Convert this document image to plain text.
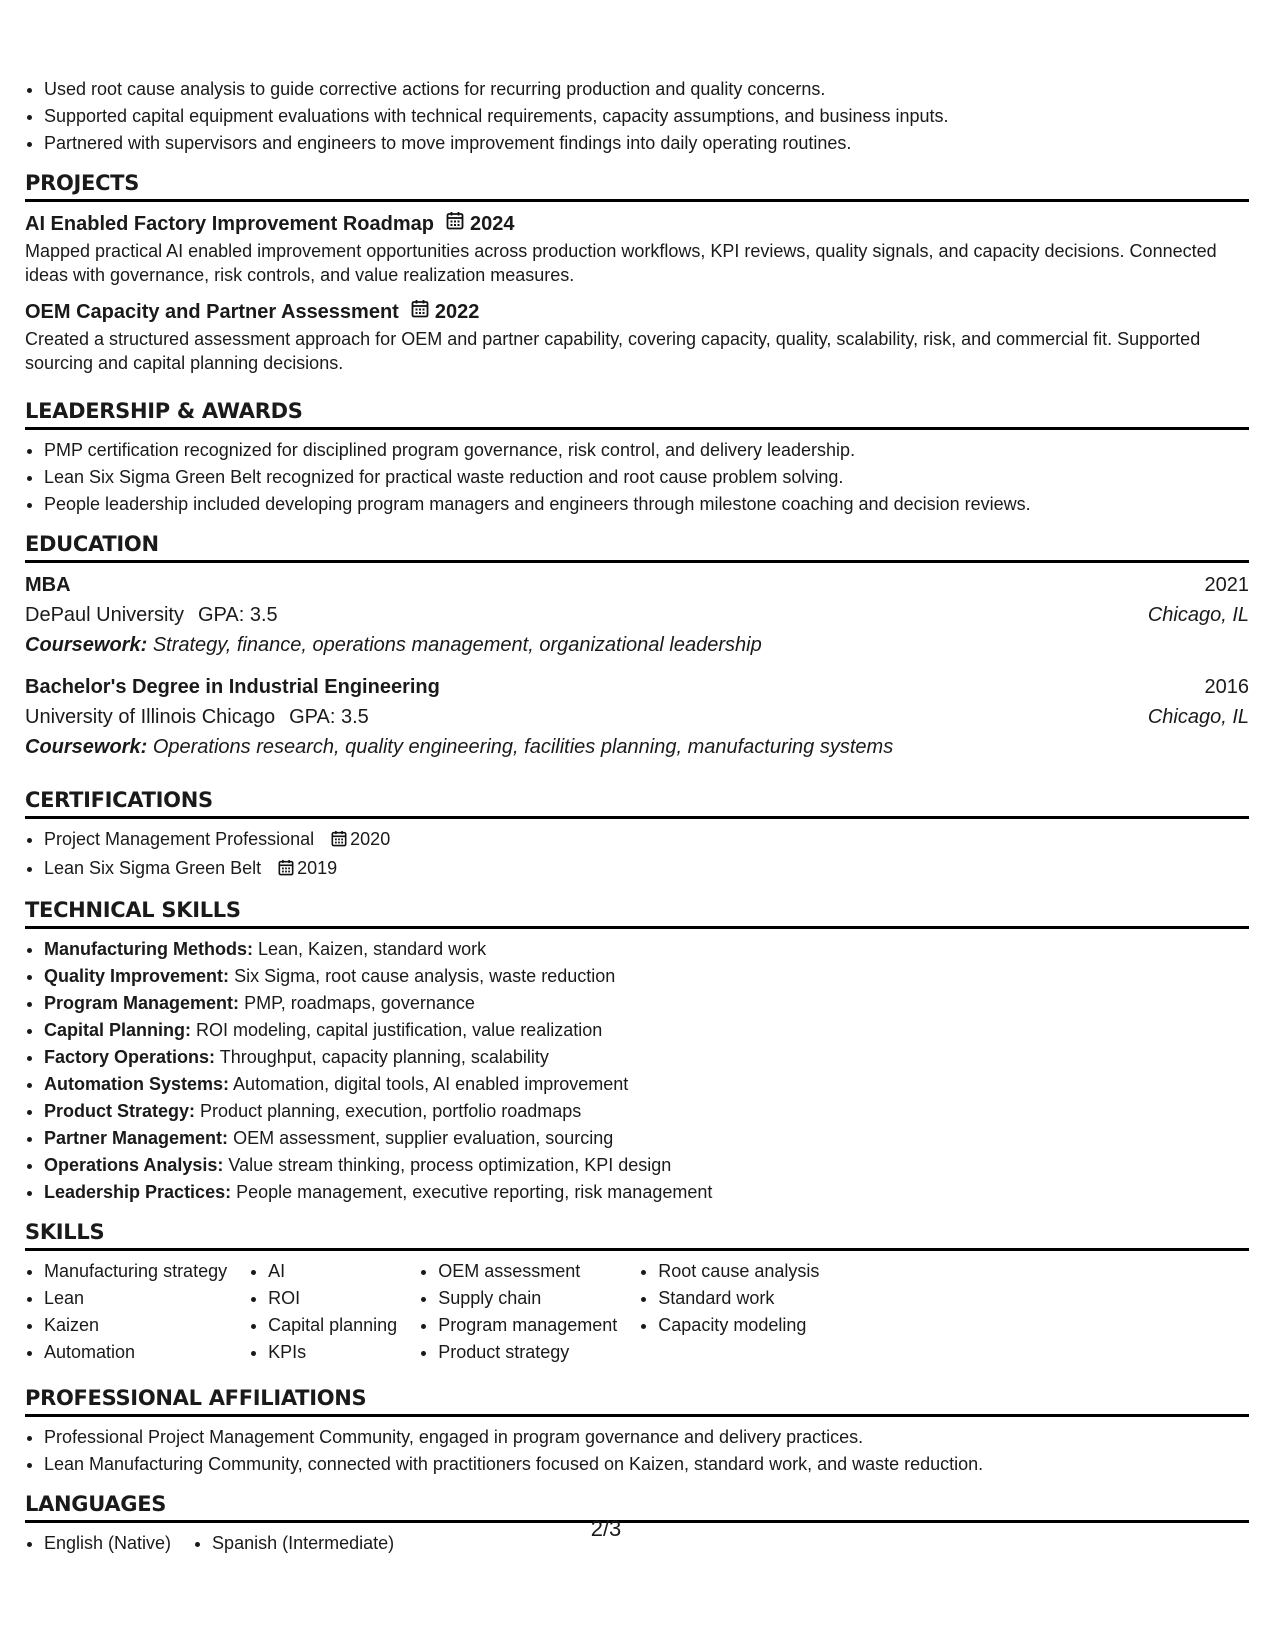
• Used root cause analysis to guide corrective actions for recurring production and quality concerns.
• Supported capital equipment evaluations with technical requirements, capacity assumptions, and business inputs.
• Partnered with supervisors and engineers to move improvement findings into daily operating routines.
PROJECTS
AI Enabled Factory Improvement Roadmap 2024
Mapped practical AI enabled improvement opportunities across production workflows, KPI reviews, quality signals, and capacity decisions. Connected ideas with governance, risk controls, and value realization measures.
OEM Capacity and Partner Assessment 2022
Created a structured assessment approach for OEM and partner capability, covering capacity, quality, scalability, risk, and commercial fit. Supported sourcing and capital planning decisions.
LEADERSHIP & AWARDS
• PMP certification recognized for disciplined program governance, risk control, and delivery leadership.
• Lean Six Sigma Green Belt recognized for practical waste reduction and root cause problem solving.
• People leadership included developing program managers and engineers through milestone coaching and decision reviews.
EDUCATION
MBA	2021
DePaul University GPA: 3.5	Chicago, IL
Coursework: Strategy, finance, operations management, organizational leadership
Bachelor's Degree in Industrial Engineering	2016
University of Illinois Chicago GPA: 3.5	Chicago, IL
Coursework: Operations research, quality engineering, facilities planning, manufacturing systems
CERTIFICATIONS
• Project Management Professional 2020
• Lean Six Sigma Green Belt 2019
TECHNICAL SKILLS
• Manufacturing Methods: Lean, Kaizen, standard work
• Quality Improvement: Six Sigma, root cause analysis, waste reduction
• Program Management: PMP, roadmaps, governance
• Capital Planning: ROI modeling, capital justification, value realization
• Factory Operations: Throughput, capacity planning, scalability
• Automation Systems: Automation, digital tools, AI enabled improvement
• Product Strategy: Product planning, execution, portfolio roadmaps
• Partner Management: OEM assessment, supplier evaluation, sourcing
• Operations Analysis: Value stream thinking, process optimization, KPI design
• Leadership Practices: People management, executive reporting, risk management
SKILLS
• Manufacturing strategy
• Lean
• Kaizen
• Automation
• AI
• ROI
• Capital planning
• KPIs
• OEM assessment
• Supply chain
• Program management
• Product strategy
• Root cause analysis
• Standard work
• Capacity modeling
PROFESSIONAL AFFILIATIONS
• Professional Project Management Community, engaged in program governance and delivery practices.
• Lean Manufacturing Community, connected with practitioners focused on Kaizen, standard work, and waste reduction.
LANGUAGES
• English (Native)
• Spanish (Intermediate)
2/3
